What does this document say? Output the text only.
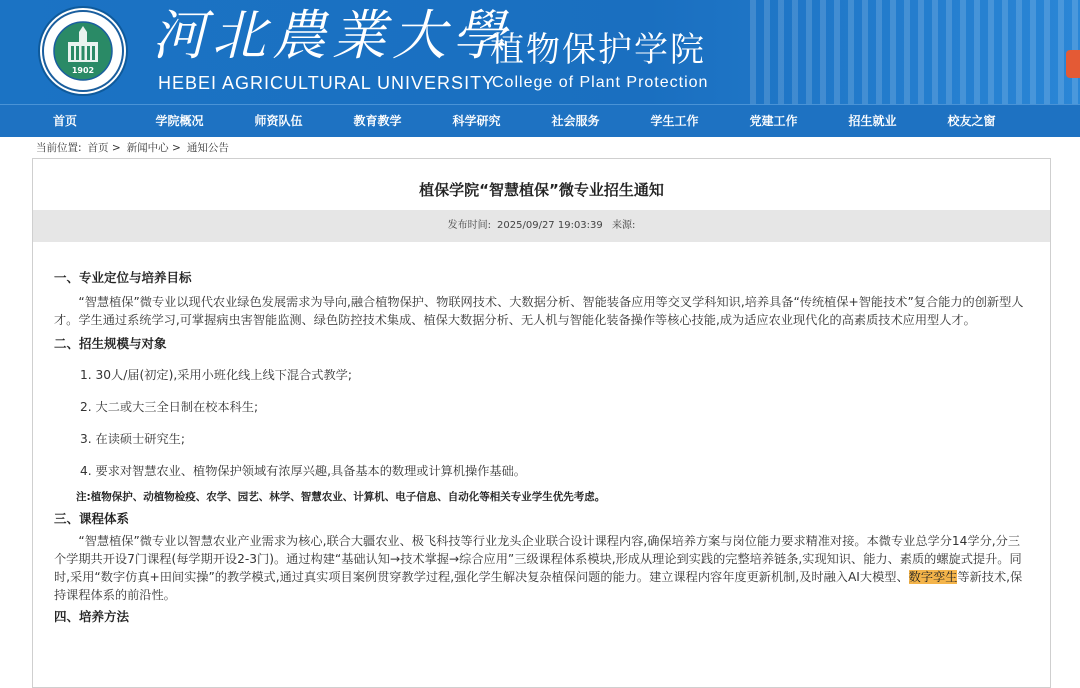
1902
河北農業大學
HEBEI AGRICULTURAL UNIVERSITY
植物保护学院
College of Plant Protection
首页	学院概况	师资队伍	教育教学	科学研究	社会服务	学生工作	党建工作	招生就业	校友之窗
当前位置: 首页 > 新闻中心 > 通知公告
植保学院“智慧植保”微专业招生通知
发布时间: 2025/09/27 19:03:39 来源:

一、专业定位与培养目标

“智慧植保”微专业以现代农业绿色发展需求为导向,融合植物保护、物联网技术、大数据分析、智能装备应用等交叉学科知识,培养具备“传统植保+智能技术”复合能力的创新型人才。学生通过系统学习,可掌握病虫害智能监测、绿色防控技术集成、植保大数据分析、无人机与智能化装备操作等核心技能,成为适应农业现代化的高素质技术应用型人才。

二、招生规模与对象

1. 30人/届(初定),采用小班化线上线下混合式教学;

2. 大二或大三全日制在校本科生;

3. 在读硕士研究生;

4. 要求对智慧农业、植物保护领域有浓厚兴趣,具备基本的数理或计算机操作基础。

注:植物保护、动植物检疫、农学、园艺、林学、智慧农业、计算机、电子信息、自动化等相关专业学生优先考虑。

三、课程体系

“智慧植保”微专业以智慧农业产业需求为核心,联合大疆农业、极飞科技等行业龙头企业联合设计课程内容,确保培养方案与岗位能力要求精准对接。本微专业总学分14学分,分三个学期共开设7门课程(每学期开设2-3门)。通过构建“基础认知→技术掌握→综合应用”三级课程体系模块,形成从理论到实践的完整培养链条,实现知识、能力、素质的螺旋式提升。同时,采用“数字仿真+田间实操”的教学模式,通过真实项目案例贯穿教学过程,强化学生解决复杂植保问题的能力。建立课程内容年度更新机制,及时融入AI大模型、数字孪生等新技术,保持课程体系的前沿性。

四、培养方法
